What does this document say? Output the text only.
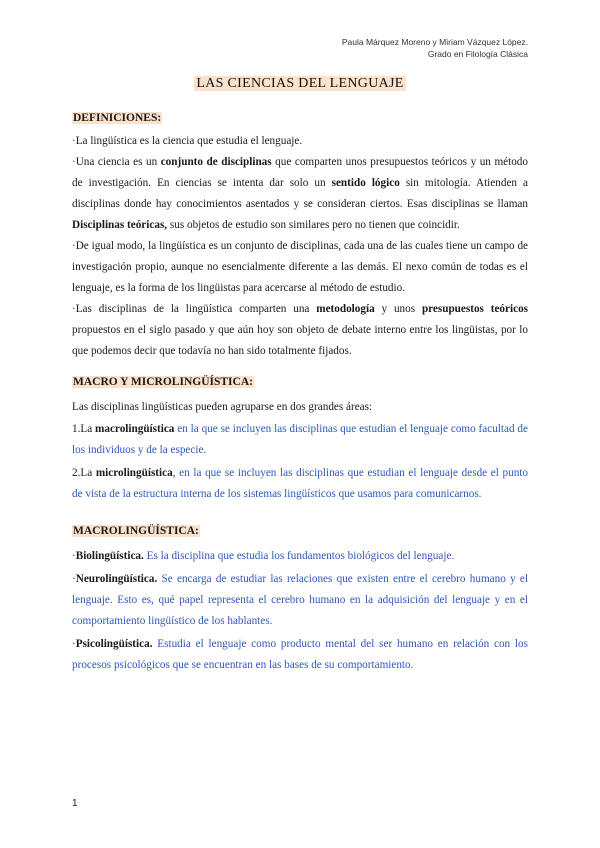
Paula Márquez Moreno y Miriam Vázquez López.
Grado en Filología Clásica
LAS CIENCIAS DEL LENGUAJE
DEFINICIONES:

·La lingüística es la ciencia que estudia el lenguaje.

·Una ciencia es un conjunto de disciplinas que comparten unos presupuestos teóricos y un método de investigación. En ciencias se intenta dar solo un sentido lógico sin mitología. Atienden a disciplinas donde hay conocimientos asentados y se consideran ciertos. Esas disciplinas se llaman Disciplinas teóricas, sus objetos de estudio son similares pero no tienen que coincidir.

·De igual modo, la lingüística es un conjunto de disciplinas, cada una de las cuales tiene un campo de investigación propio, aunque no esencialmente diferente a las demás. El nexo común de todas es el lenguaje, es la forma de los lingüistas para acercarse al método de estudio.

·Las disciplinas de la lingüística comparten una metodología y unos presupuestos teóricos propuestos en el siglo pasado y que aún hoy son objeto de debate interno entre los lingüistas, por lo que podemos decir que todavía no han sido totalmente fijados.

MACRO Y MICROLINGÜÍSTICA:

Las disciplinas lingüísticas pueden agruparse en dos grandes áreas:

1.La macrolingüística en la que se incluyen las disciplinas que estudian el lenguaje como facultad de los individuos y de la especie.

2.La microlingüística, en la que se incluyen las disciplinas que estudian el lenguaje desde el punto de vista de la estructura interna de los sistemas lingüísticos que usamos para comunicarnos.

MACROLINGÜÍSTICA:

·Biolingüística. Es la disciplina que estudia los fundamentos biológicos del lenguaje.

·Neurolingüística. Se encarga de estudiar las relaciones que existen entre el cerebro humano y el lenguaje. Esto es, qué papel representa el cerebro humano en la adquisición del lenguaje y en el comportamiento lingüístico de los hablantes.

·Psicolingüística. Estudia el lenguaje como producto mental del ser humano en relación con los procesos psicológicos que se encuentran en las bases de su comportamiento.

1
